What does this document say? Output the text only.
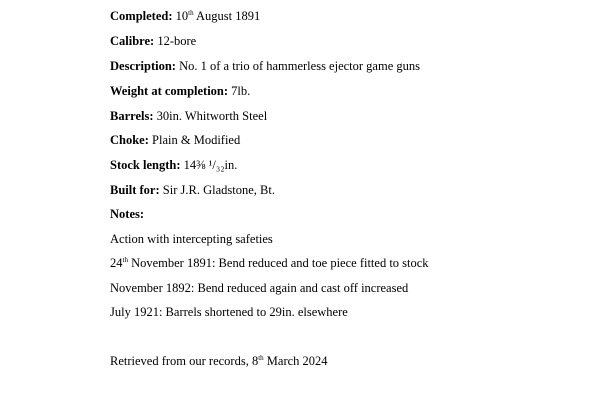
Completed: 10th August 1891
Calibre: 12-bore
Description: No. 1 of a trio of hammerless ejector game guns
Weight at completion: 7lb.
Barrels: 30in. Whitworth Steel
Choke: Plain & Modified
Stock length: 14⅜ ¹/₃₂in.
Built for: Sir J.R. Gladstone, Bt.
Notes:
Action with intercepting safeties
24th November 1891: Bend reduced and toe piece fitted to stock
November 1892: Bend reduced again and cast off increased
July 1921: Barrels shortened to 29in. elsewhere
Retrieved from our records, 8th March 2024
